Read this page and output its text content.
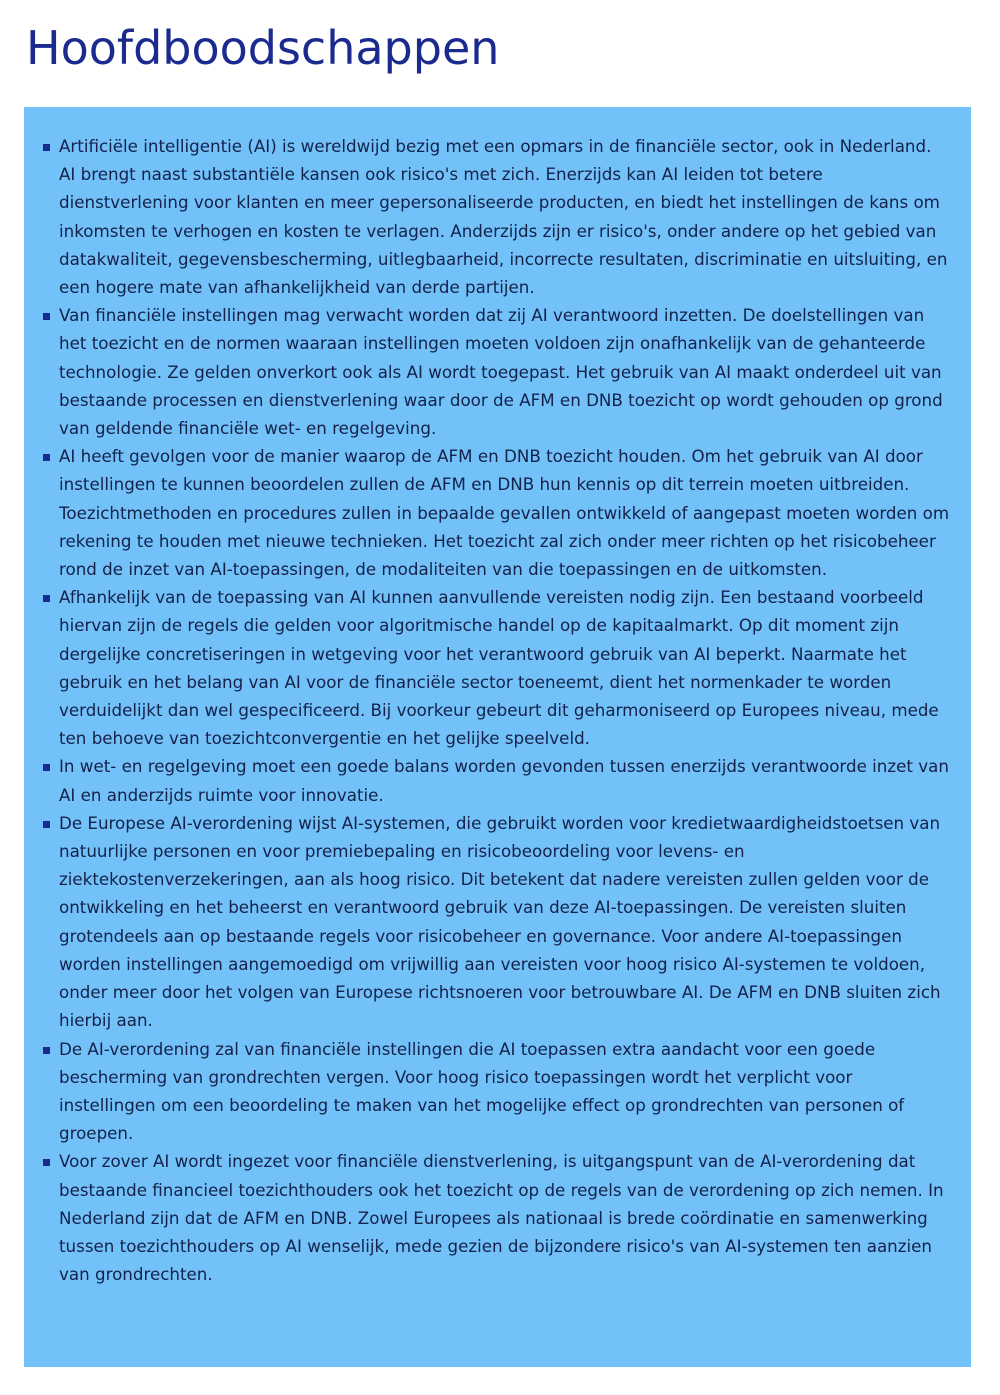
Hoofdboodschappen
Artificiële intelligentie (AI) is wereldwijd bezig met een opmars in de financiële sector, ook in Nederland. AI brengt naast substantiële kansen ook risico's met zich. Enerzijds kan AI leiden tot betere dienstverlening voor klanten en meer gepersonaliseerde producten, en biedt het instellingen de kans om inkomsten te verhogen en kosten te verlagen. Anderzijds zijn er risico's, onder andere op het gebied van datakwaliteit, gegevensbescherming, uitlegbaarheid, incorrecte resultaten, discriminatie en uitsluiting, en een hogere mate van afhankelijkheid van derde partijen.
Van financiële instellingen mag verwacht worden dat zij AI verantwoord inzetten. De doelstellingen van het toezicht en de normen waaraan instellingen moeten voldoen zijn onafhankelijk van de gehanteerde technologie. Ze gelden onverkort ook als AI wordt toegepast. Het gebruik van AI maakt onderdeel uit van bestaande processen en dienstverlening waar door de AFM en DNB toezicht op wordt gehouden op grond van geldende financiële wet- en regelgeving.
AI heeft gevolgen voor de manier waarop de AFM en DNB toezicht houden. Om het gebruik van AI door instellingen te kunnen beoordelen zullen de AFM en DNB hun kennis op dit terrein moeten uitbreiden. Toezichtmethoden en procedures zullen in bepaalde gevallen ontwikkeld of aangepast moeten worden om rekening te houden met nieuwe technieken. Het toezicht zal zich onder meer richten op het risicobeheer rond de inzet van AI-toepassingen, de modaliteiten van die toepassingen en de uitkomsten.
Afhankelijk van de toepassing van AI kunnen aanvullende vereisten nodig zijn. Een bestaand voorbeeld hiervan zijn de regels die gelden voor algoritmische handel op de kapitaalmarkt. Op dit moment zijn dergelijke concretiseringen in wetgeving voor het verantwoord gebruik van AI beperkt. Naarmate het gebruik en het belang van AI voor de financiële sector toeneemt, dient het normenkader te worden verduidelijkt dan wel gespecificeerd. Bij voorkeur gebeurt dit geharmoniseerd op Europees niveau, mede ten behoeve van toezichtconvergentie en het gelijke speelveld.
In wet- en regelgeving moet een goede balans worden gevonden tussen enerzijds verantwoorde inzet van AI en anderzijds ruimte voor innovatie.
De Europese AI-verordening wijst AI-systemen, die gebruikt worden voor kredietwaardigheidstoetsen van natuurlijke personen en voor premiebepaling en risicobeoordeling voor levens- en ziektekostenverzekeringen, aan als hoog risico. Dit betekent dat nadere vereisten zullen gelden voor de ontwikkeling en het beheerst en verantwoord gebruik van deze AI-toepassingen. De vereisten sluiten grotendeels aan op bestaande regels voor risicobeheer en governance. Voor andere AI-toepassingen worden instellingen aangemoedigd om vrijwillig aan vereisten voor hoog risico AI-systemen te voldoen, onder meer door het volgen van Europese richtsnoeren voor betrouwbare AI. De AFM en DNB sluiten zich hierbij aan.
De AI-verordening zal van financiële instellingen die AI toepassen extra aandacht voor een goede bescherming van grondrechten vergen. Voor hoog risico toepassingen wordt het verplicht voor instellingen om een beoordeling te maken van het mogelijke effect op grondrechten van personen of groepen.
Voor zover AI wordt ingezet voor financiële dienstverlening, is uitgangspunt van de AI-verordening dat bestaande financieel toezichthouders ook het toezicht op de regels van de verordening op zich nemen. In Nederland zijn dat de AFM en DNB. Zowel Europees als nationaal is brede coördinatie en samenwerking tussen toezichthouders op AI wenselijk, mede gezien de bijzondere risico's van AI-systemen ten aanzien van grondrechten.
